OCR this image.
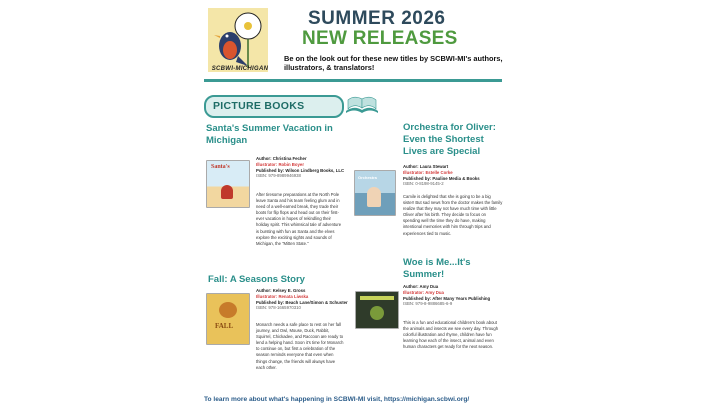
SCBWI-MICHIGAN
SUMMER 2026
NEW RELEASES
Be on the look out for these new titles by SCBWI-MI's authors, illustrators, & translators!
PICTURE BOOKS
Santa's Summer Vacation in Michigan
Santa's
Author: Christina Fecher
Illustrator: Robin Boyer
Published by: Wilson Lindberg Books, LLC
ISBN: 979-8989946938
After tiresome preparations at the North Pole leave Santa and his team feeling glum and in need of a well-earned break, they trade their boots for flip flops and head out on their first-ever vacation in hopes of rekindling their holiday spirit. This whimsical tale of adventure is bursting with fun as Santa and the elves explore the exciting sights and sounds of Michigan, the "Mitten State."
Fall: A Seasons Story
FALL
Author: Kelsey E. Gross
Illustrator: Renata Liwska
Published by: Beach Lane/Simon & Schuster
ISBN: 978-1665970310
Monarch needs a safe place to rest on her fall journey, and Owl, Mouse, Duck, Rabbit, Squirrel, Chickadee, and Raccoon are ready to lend a helping hand. Soon it's time for Monarch to continue on, but first a celebration of the season reminds everyone that even when things change, the friends will always have each other.
Orchestra for Oliver: Even the Shortest Lives are Special
Orchestra
Author: Laura Stewart
Illustrator: Estelle Corke
Published by: Pauline Media & Books
ISBN: 0-8198-9145-2
Camile is delighted that she is going to be a big sister! But sad news from the doctor makes the family realize that they may not have much time with little Oliver after his birth. They decide to focus on spending well the time they do have, making intentional memories with him through trips and experiences tied to music.
Woe is Me...It's Summer!
Author: Amy Dua
Illustrator: Amy Dua
Published by: After Many Years Publishing
ISBN: 979-8-9886685-6-9
This is a fun and educational children's book about the animals and insects we see every day. Through colorful illustration and rhyme, children have fun learning how each of the insect, animal and even human characters get ready for the next season.
To learn more about what's happening in SCBWI-MI visit, https://michigan.scbwi.org/
